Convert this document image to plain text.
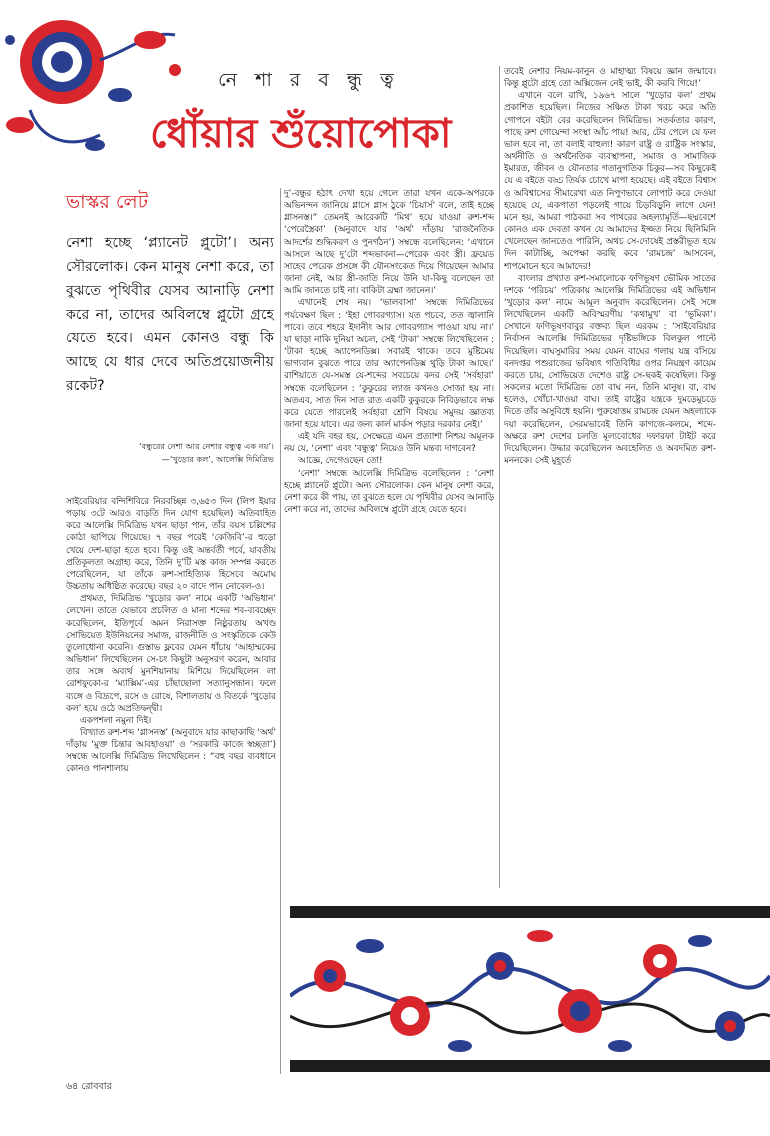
নে শা র ব ন্ধু ত্ব
ধোঁয়ার শুঁয়োপোকা
ভাস্কর লেট
নেশা হচ্ছে ‘প্ল্যানেট প্লুটো’। অন্য সৌরলোক। কেন মানুষ নেশা করে, তা বুঝতে পৃথিবীর যেসব আনাড়ি নেশা করে না, তাদের অবিলম্বে প্লুটো গ্রহে যেতে হবে। এমন কোনও বন্ধু কি আছে যে ধার দেবে অতিপ্রয়োজনীয় রকেট?
‘বন্ধুরের নেশা আর নেশার বন্ধুত্ব এক নয়’।
—‘খুড়োর কল’, আলেক্সি দিমিত্রিভ

সাইবেরিয়ার বন্দিশিবিরে নিরবচ্ছিন্ন ৩,৬৫৩ দিন (লিপ ইয়ার পড়ায় ৩টে আরও বাড়তি দিন যোগ হয়েছিল) অতিবাহিত করে আলেক্সি দিমিত্রিভ যখন ছাড়া পান, তাঁর বয়স চল্লিশের কোঠা ছাপিয়ে গিয়েছে। ৭ বছর পরেই ‘কেজিবি’-র হুড়ো খেয়ে দেশ-ছাড়া হতে হবে। কিন্তু ওই অন্তর্বর্তী পর্বে, যাবতীয় প্রতিকূলতা অগ্রাহ্য করে, তিনি দু’টি মস্ত কাজ সম্পন্ন করতে পেরেছিলেন, যা তাঁকে রুশ-সাহিত্যিক হিসেবে অমোঘ উচ্চতায় অধিষ্ঠিত করেছে। বছর ২০ বাদে পান নোবেল-ও।

প্রথমত, দিমিত্রিভ ‘খুড়োর কল’ নামে একটি ‘অভিধান’ লেখেন। তাতে যেভাবে প্রচলিত ও মান্য শব্দের শব-ব্যবচ্ছেদ করেছিলেন, ইতিপূর্বে অমন নিরাসক্ত নিষ্ঠুরতায় অখণ্ড সোভিয়েত ইউনিয়নের সমাজ, রাজনীতি ও সংস্কৃতিকে কেউ তুলোধোনা করেনি। গুস্তাভ ফ্লবের যেমন ধাঁচায় ‘আহাম্মকের অভিধান’ লিখেছিলেন সে-চং কিছুটা অনুসরণ করেন, আবার তার সঙ্গে অব্যর্থ মুনশিয়ানায় মিশিয়ে দিয়েছিলেন লা রোশফুকো-র ‘ম্যাক্সিম’-এর চাঁছাছোলা সত্যানুসন্ধান। ফলে ব্যঙ্গে ও বিদ্রূপে, রসে ও রোষে, বিশালতায় ও বিতর্কে ‘খুড়োর কল’ হয়ে ওঠে অপ্রতিদ্বন্দ্বী।

একপশলা নমুনা দিই।

বিখ্যাত রুশ-শব্দ ‘গ্লাসনস্ত’ (অনুবাদে যার কাছাকাছি ‘অর্থ’ দাঁড়ায় ‘মুক্ত চিন্তার আবহাওয়া’ ও ‘সরকারি কাজে স্বচ্ছতা’) সম্বন্ধে আলেক্সি দিমিত্রিভ লিখেছিলেন : “বহু বছর ব্যবধানে কোনও পানশালায়

দু’-বন্ধুর হঠাৎ দেখা হয়ে গেলে তারা যখন একে-অপরকে অভিনন্দন জানিয়ে গ্লাসে গ্লাস ঠুকে ‘চিয়ার্স’ বলে, তাই হচ্ছে গ্লাসনস্ত।” তেমনই আরেকটি ‘মিথ’ হয়ে যাওয়া রুশ-শব্দ ‘পেরেস্ত্রৈকা’ (অনুবাদে যার ‘অর্থ’ দাঁড়ায় ‘রাজনৈতিক আদর্শের শুদ্ধিকরণ ও পুনর্গঠন’) সম্বন্ধে বলেছিলেন: ‘এখানে আসলে আছে দু’টো শব্দভাবনা—পেরেক এবং স্ত্রী। ফ্রয়েড সাহেব পেরেক প্রসঙ্গে কী যৌনসংকেত দিয়ে গিয়েছেন আমার জানা নেই, আর স্ত্রী-জাতি নিয়ে উনি যা-কিছু বলেছেন তা আমি জানতে চাই না। বাকিটা ব্রহ্মা জানেন।’

এখানেই শেষ নয়। ‘ভালবাসা’ সম্বন্ধে দিমিত্রিভের পর্যবেক্ষণ ছিল : ‘ইহা গোবরগ্যাস। যত পচবে, তত জ্বালানি পাবে। তবে শহরে ইদানীং আর গোবরগ্যাস পাওয়া যায় না।’ যা ছাড়া নাকি দুনিয়া অচল, সেই ‘টাকা’ সম্বন্ধে লিখেছিলেন : ‘টাকা হচ্ছে অ্যাপেনডিক্স। সবারই থাকে। তবে মুষ্টিমেয় ভাগ্যবান বুঝতে পারে তার অ্যাপেনডিক্স থুড়ি টাকা আছে।’ রাশিয়াতে যে-সমস্ত যে-শব্দের সবচেয়ে কদর সেই ‘সর্বহারা’ সম্বন্ধে বলেছিলেন : ‘কুকুরের ল্যাজ কখনও সোজা হয় না। অতএব, সাত দিন সাত রাত একটি কুকুরকে নিবিড়ভাবে লক্ষ করে যেতে পারলেই সর্বহারা শ্রেণি বিষয়ে সমুদয় জ্ঞাতব্য জানা হয়ে যাবে। এর জন্য কার্ল মার্কস পড়ার দরকার নেই।’

এই যদি বহর হয়, সেক্ষেত্রে এমন প্রত্যাশা নিশ্চয় অমূলক নয় যে, ‘নেশা’ এবং ‘বন্ধুত্ব’ নিয়েও উনি মন্তব্য দাগবেন?

আজ্ঞে, দেগেওছেন তো!

‘নেশা’ সম্বন্ধে আলেক্সি দিমিত্রিভ বলেছিলেন : ‘নেশা হচ্ছে প্ল্যানেট প্লুটো। অন্য সৌরলোক। কেন মানুষ নেশা করে, নেশা করে কী পায়, তা বুঝতে হলে যে পৃথিবীর যেসব আনাড়ি নেশা করে না, তাদের অবিলম্বে প্লুটো গ্রহে যেতে হবে।

তবেই নেশার নিয়ম-কানুন ও মাহাত্ম্য বিষয়ে জ্ঞান জন্মাবে। কিন্তু প্লুটো গ্রহে তো অক্সিজেন নেই ভাই, কী করবি গিয়ে!’

এখানে বলে রাখি, ১৯৬৭ সালে ‘খুড়োর কল’ প্রথম প্রকাশিত হয়েছিল। নিজের সঞ্চিত টাকা খরচ করে অতি গোপনে বইটা বের করেছিলেন দিমিত্রিভ। সতর্কতার কারণ, পাছে রুশ গোয়েন্দা সংস্থা আঁচ পায়! আর, টের পেলে যে ফল ভাল হবে না, তা বলাই বাহুল্য! কারণ রাষ্ট্র ও রাষ্ট্রিক সংস্কার, অর্থনীতি ও অর্থনৈতিক ব্যবস্থাপনা, সমাজ ও সামাজিক ইমারত, জীবন ও যৌনতার গতানুগতিক চিকুর—সব কিছুকেই যে এ বইতে বড্ড তির্যক চোখে মাপা হয়েছে। এই বইতে বিশ্বাস ও অবিশ্বাসের সীমারেখা এত নিপুণভাবে লোপাট করে দেওয়া হয়েছে যে, একপাতা পড়লেই গায়ে চিড়বিড়ুনি লাগে যেন! মনে হয়, আমরা পাঠকরা সব পাথরের অহল্যামূর্তি—ছদ্মবেশে কোনও এক দেবতা কখন যে আমাদের ইজ্জত নিয়ে ছিনিমিনি খেলেছেন জানতেও পারিনি, অথচ সে-দোষেই প্রস্তরীভূত হয়ে দিন কাটাচ্ছি, অপেক্ষা করছি কবে ‘রামচন্দ্র’ আসবেন, শাপমোচন হবে আমাদের!

বাংলার প্রখ্যাত রুশ-সমালোচক ফণিভূষণ ভৌমিক সাতের দশকে ‘পরিচয়’ পত্রিকায় আলেক্সি দিমিত্রিভের এই অভিধান ‘খুড়োর কল’ নামে আমূল অনুবাদ করেছিলেন। সেই সঙ্গে লিখেছিলেন একটি অবিস্মরণীয় ‘কথামুখ’ বা ‘ভূমিকা’। সেখানে ফণিভূষণবাবুর বক্তব্য ছিল এরকম : ‘সাইবেরিয়ার নির্বাসন আলেক্সি দিমিত্রিভের দৃষ্টিভঙ্গিকে বিলকুল পাল্টে দিয়েছিল। বাঘসুমারির সময় যেমন বাঘের গলায় যন্ত্র বসিয়ে বনদপ্তর পশুরাজের ভবিষ্যৎ গতিবিধির ওপর নিয়ন্ত্রণ কায়েম করতে চায়, সোভিয়েত দেশেও রাষ্ট্র সে-ছকই কষেছিল। কিন্তু সকলের মতো দিমিত্রিভ তো বাঘ নন, তিনি মানুষ। বা, বাঘ হলেও, খোঁচা-খাওয়া বাঘ। তাই রাষ্ট্রের যন্ত্রকে দুমড়েমুচড়ে দিতে তাঁর অসুবিধে হয়নি। পুরুষোত্তম রামচন্দ্র যেমন অহল্যাকে দয়া করেছিলেন, সেরমভাবেই তিনি কাগজে-কলমে, শব্দে-অক্ষরে রুশ দেশের চলতি মূল্যবোধের দফারফা টাইট করে দিয়েছিলেন। উদ্ধার করেছিলেন অবহেলিত ও অবদমিত রুশ-মননকে। সেই মুহূর্তে

৬৪ রোববার
